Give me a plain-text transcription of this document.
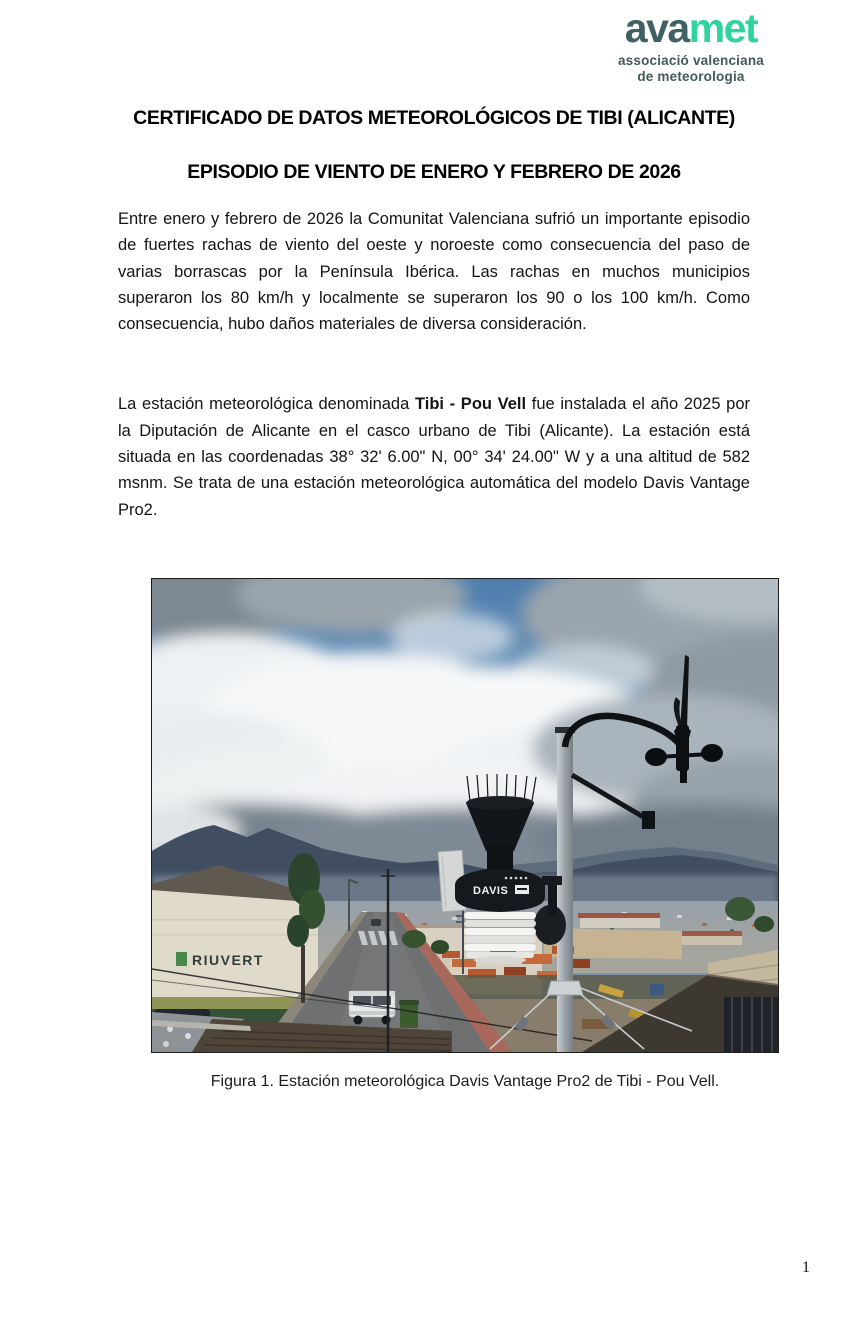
avamet
associació valenciana
de meteorologia
CERTIFICADO DE DATOS METEOROLÓGICOS DE TIBI (ALICANTE)
EPISODIO DE VIENTO DE ENERO Y FEBRERO DE 2026

Entre enero y febrero de 2026 la Comunitat Valenciana sufrió un importante episodio de fuertes rachas de viento del oeste y noroeste como consecuencia del paso de varias borrascas por la Península Ibérica. Las rachas en muchos municipios superaron los 80 km/h y localmente se superaron los 90 o los 100 km/h. Como consecuencia, hubo daños materiales de diversa consideración.

La estación meteorológica denominada Tibi - Pou Vell fue instalada el año 2025 por la Diputación de Alicante en el casco urbano de Tibi (Alicante). La estación está situada en las coordenadas 38° 32' 6.00" N, 00° 34' 24.00" W y a una altitud de 582 msnm. Se trata de una estación meteorológica automática del modelo Davis Vantage Pro2.

RIUVERT
DAVIS
Figura 1. Estación meteorológica Davis Vantage Pro2 de Tibi - Pou Vell.
1
